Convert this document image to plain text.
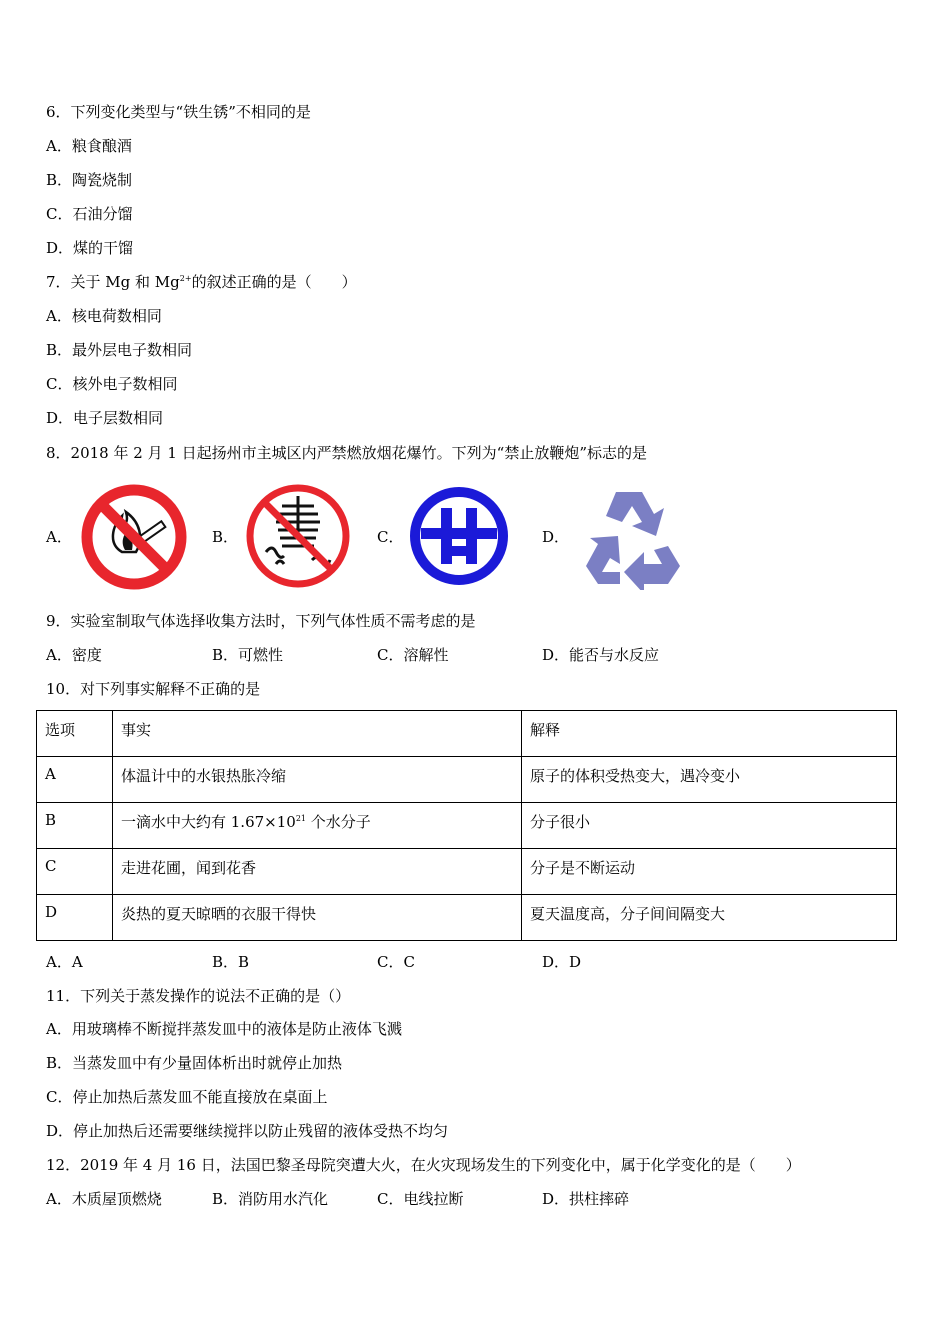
6．下列变化类型与“铁生锈”不相同的是
A．粮食酿酒
B．陶瓷烧制
C．石油分馏
D．煤的干馏
7．关于 Mg 和 $Mg^{2+}$的叙述正确的是（　　）
A．核电荷数相同
B．最外层电子数相同
C．核外电子数相同
D．电子层数相同
8．2018 年 2 月 1 日起扬州市主城区内严禁燃放烟花爆竹。下列为“禁止放鞭炮”标志的是
A．	B．	C．	D．
9．实验室制取气体选择收集方法时，下列气体性质不需考虑的是
A．密度	B．可燃性	C．溶解性	D．能否与水反应
10．对下列事实解释不正确的是
选项	事实	解释
A	体温计中的水银热胀冷缩	原子的体积受热变大，遇冷变小
B	一滴水中大约有 $1.67\times 10^{21}$ 个水分子	分子很小
C	走进花圃，闻到花香	分子是不断运动
D	炎热的夏天晾晒的衣服干得快	夏天温度高，分子间间隔变大
A．A	B．B	C．C	D．D
11．下列关于蒸发操作的说法不正确的是（）
A．用玻璃棒不断搅拌蒸发皿中的液体是防止液体飞溅
B．当蒸发皿中有少量固体析出时就停止加热
C．停止加热后蒸发皿不能直接放在桌面上
D．停止加热后还需要继续搅拌以防止残留的液体受热不均匀
12．2019 年 4 月 16 日，法国巴黎圣母院突遭大火，在火灾现场发生的下列变化中，属于化学变化的是（　　）
A．木质屋顶燃烧	B．消防用水汽化	C．电线拉断	D．拱柱摔碎
